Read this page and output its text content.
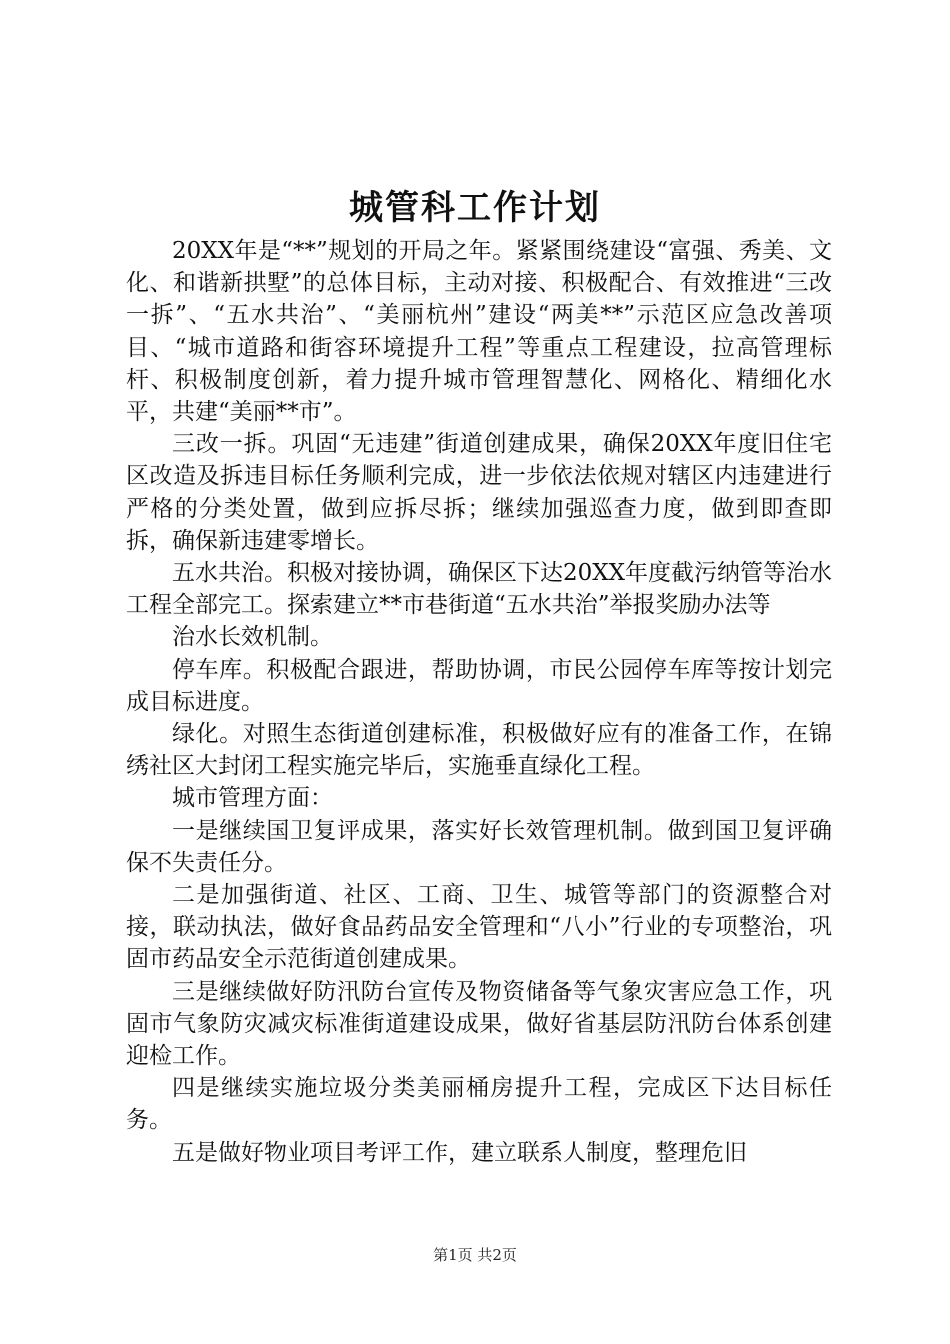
城管科工作计划

20XX年是“**”规划的开局之年。紧紧围绕建设“富强、秀美、文化、和谐新拱墅”的总体目标，主动对接、积极配合、有效推进“三改一拆”、“五水共治”、“美丽杭州”建设“两美**”示范区应急改善项目、“城市道路和街容环境提升工程”等重点工程建设，拉高管理标杆、积极制度创新，着力提升城市管理智慧化、网格化、精细化水平，共建“美丽**市”。

三改一拆。巩固“无违建”街道创建成果，确保20XX年度旧住宅区改造及拆违目标任务顺利完成，进一步依法依规对辖区内违建进行严格的分类处置，做到应拆尽拆；继续加强巡查力度，做到即查即拆，确保新违建零增长。

五水共治。积极对接协调，确保区下达20XX年度截污纳管等治水工程全部完工。探索建立**市巷街道“五水共治”举报奖励办法等

治水长效机制。

停车库。积极配合跟进，帮助协调，市民公园停车库等按计划完成目标进度。

绿化。对照生态街道创建标准，积极做好应有的准备工作，在锦绣社区大封闭工程实施完毕后，实施垂直绿化工程。

城市管理方面：

一是继续国卫复评成果，落实好长效管理机制。做到国卫复评确保不失责任分。

二是加强街道、社区、工商、卫生、城管等部门的资源整合对接，联动执法，做好食品药品安全管理和“八小”行业的专项整治，巩固市药品安全示范街道创建成果。

三是继续做好防汛防台宣传及物资储备等气象灾害应急工作，巩固市气象防灾减灾标准街道建设成果，做好省基层防汛防台体系创建迎检工作。

四是继续实施垃圾分类美丽桶房提升工程，完成区下达目标任务。

五是做好物业项目考评工作，建立联系人制度，整理危旧

第1页 共2页
